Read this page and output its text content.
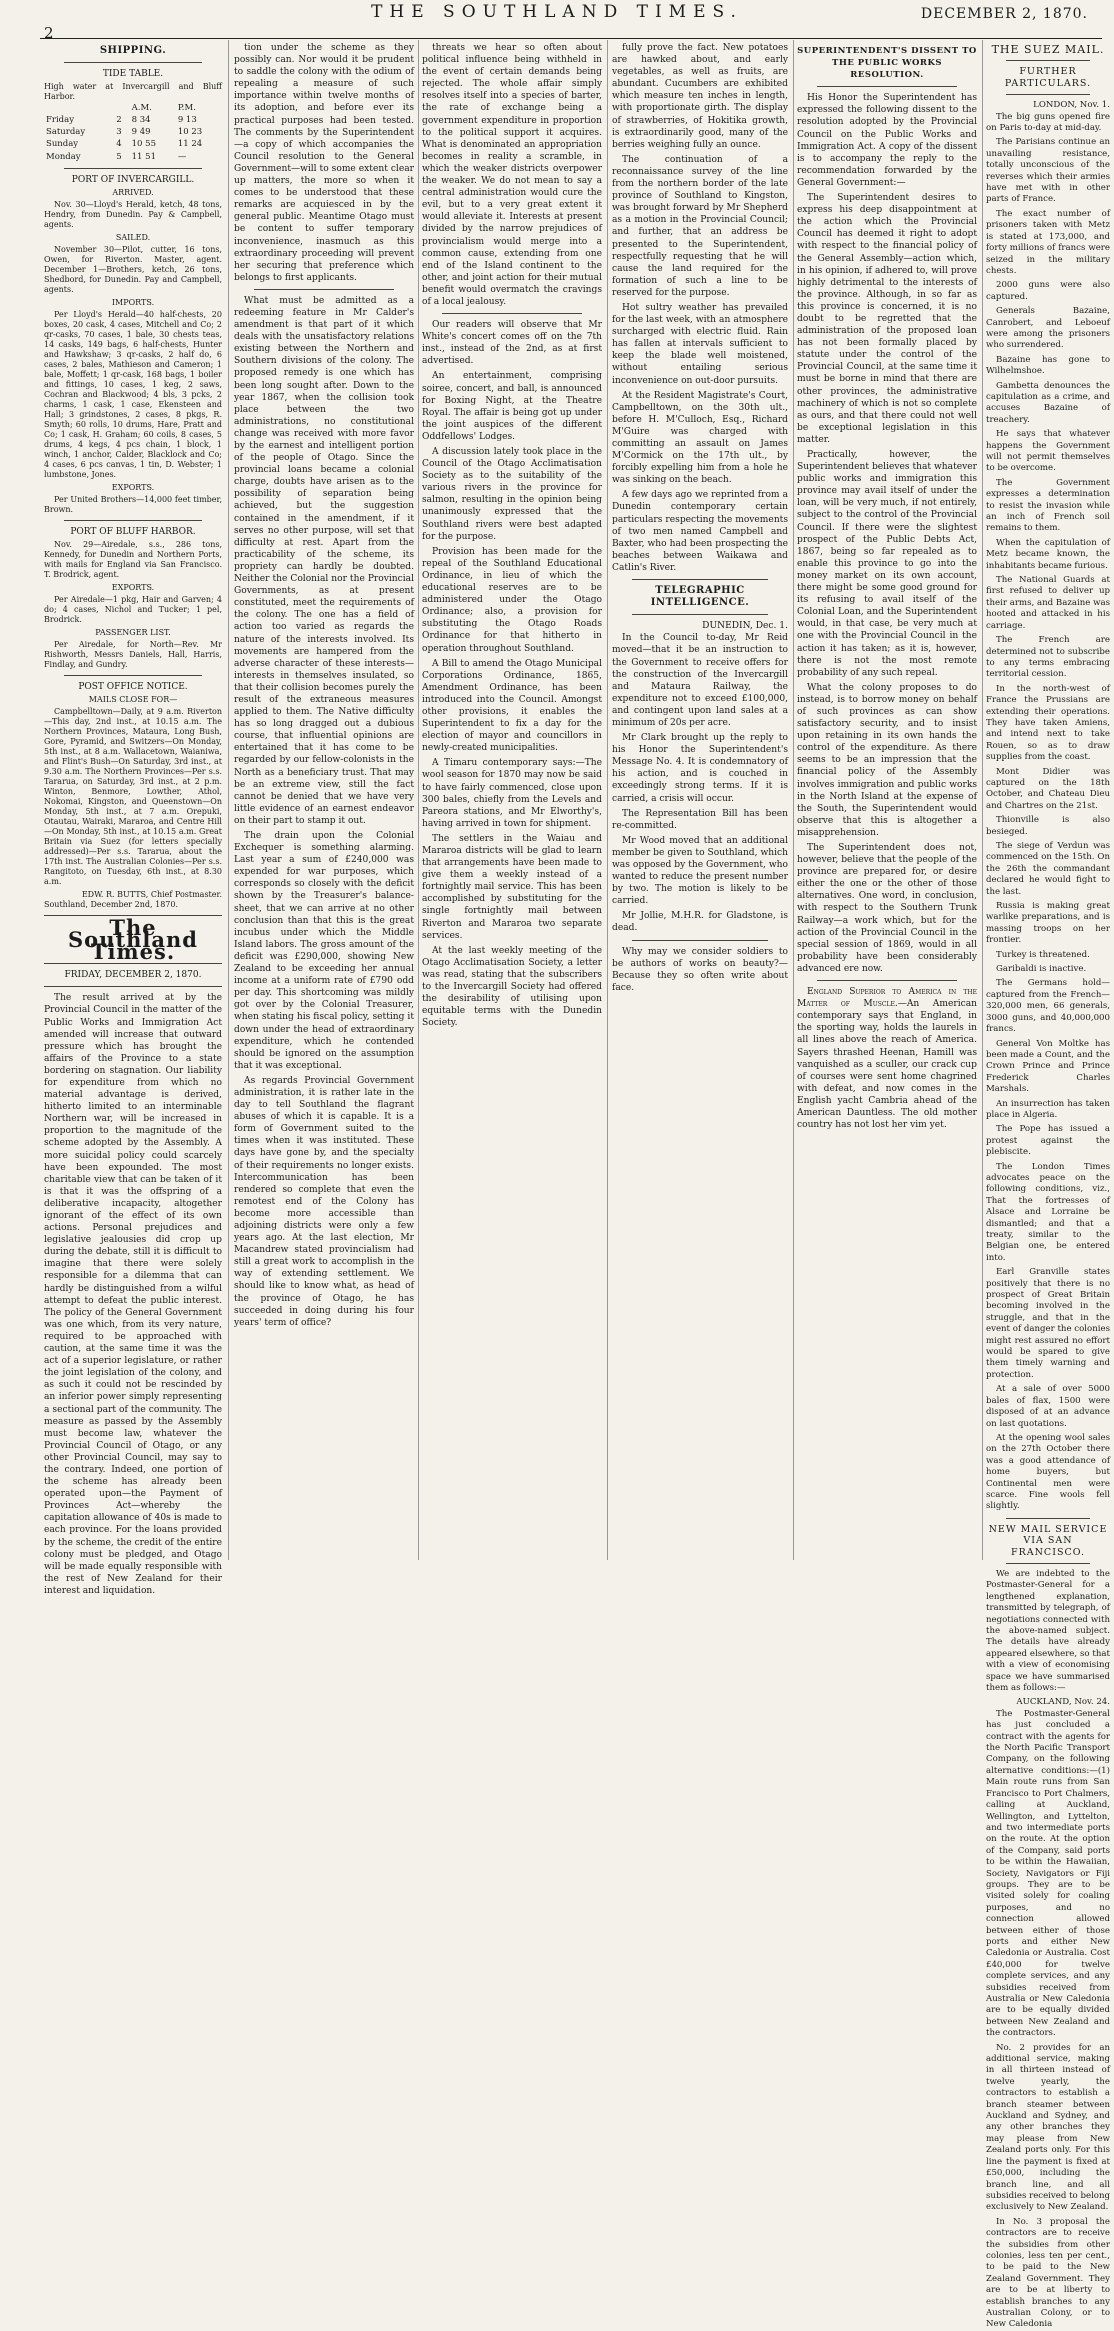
2
THE SOUTHLAND TIMES.	DECEMBER 2, 1870.
SHIPPING.
TIDE TABLE.
High water at Invercargill and Bluff Harbor.
		A.M.	P.M.
Friday	2	8 34	9 13
Saturday	3	9 49	10 23
Sunday	4	10 55	11 24
Monday	5	11 51	—
PORT OF INVERCARGILL.
ARRIVED.

Nov. 30—Lloyd's Herald, ketch, 48 tons, Hendry, from Dunedin. Pay & Campbell, agents.

SAILED.

November 30—Pilot, cutter, 16 tons, Owen, for Riverton. Master, agent. December 1—Brothers, ketch, 26 tons, Shedbord, for Dunedin. Pay and Campbell, agents.

IMPORTS.

Per Lloyd's Herald—40 half-chests, 20 boxes, 20 cask, 4 cases, Mitchell and Co; 2 qr-casks, 70 cases, 1 bale, 30 chests teas, 14 casks, 149 bags, 6 half-chests, Hunter and Hawkshaw; 3 qr-casks, 2 half do, 6 cases, 2 bales, Mathieson and Cameron; 1 bale, Moffett; 1 qr-cask, 168 bags, 1 boiler and fittings, 10 cases, 1 keg, 2 saws, Cochran and Blackwood; 4 bls, 3 pcks, 2 charms, 1 cask, 1 case, Ekensteen and Hall; 3 grindstones, 2 cases, 8 pkgs, R. Smyth; 60 rolls, 10 drums, Hare, Pratt and Co; 1 cask, H. Graham; 60 coils, 8 cases, 5 drums, 4 kegs, 4 pcs chain, 1 block, 1 winch, 1 anchor, Calder, Blacklock and Co; 4 cases, 6 pcs canvas, 1 tin, D. Webster; 1 lumbstone, Jones.

EXPORTS.

Per United Brothers—14,000 feet timber, Brown.

PORT OF BLUFF HARBOR.

Nov. 29—Airedale, s.s., 286 tons, Kennedy, for Dunedin and Northern Ports, with mails for England via San Francisco. T. Brodrick, agent.

EXPORTS.

Per Airedale—1 pkg, Hair and Garven; 4 do; 4 cases, Nichol and Tucker; 1 pel, Brodrick.

PASSENGER LIST.

Per Airedale, for North—Rev. Mr Rishworth, Messrs Daniels, Hall, Harris, Findlay, and Gundry.

POST OFFICE NOTICE.
MAILS CLOSE FOR—

Campbelltown—Daily, at 9 a.m. Riverton—This day, 2nd inst., at 10.15 a.m. The Northern Provinces, Mataura, Long Bush, Gore, Pyramid, and Switzers—On Monday, 5th inst., at 8 a.m. Wallacetown, Waianiwa, and Flint's Bush—On Saturday, 3rd inst., at 9.30 a.m. The Northern Provinces—Per s.s. Tararua, on Saturday, 3rd inst., at 2 p.m. Winton, Benmore, Lowther, Athol, Nokomai, Kingston, and Queenstown—On Monday, 5th inst., at 7 a.m. Orepuki, Otautau, Wairaki, Mararoa, and Centre Hill—On Monday, 5th inst., at 10.15 a.m. Great Britain via Suez (for letters specially addressed)—Per s.s. Tararua, about the 17th inst. The Australian Colonies—Per s.s. Rangitoto, on Tuesday, 6th inst., at 8.30 a.m.

EDW. R. BUTTS, Chief Postmaster.
Southland, December 2nd, 1870.
The Southland Times.
FRIDAY, DECEMBER 2, 1870.

The result arrived at by the Provincial Council in the matter of the Public Works and Immigration Act amended will increase that outward pressure which has brought the affairs of the Province to a state bordering on stagnation. Our liability for expenditure from which no material advantage is derived, hitherto limited to an interminable Northern war, will be increased in proportion to the magnitude of the scheme adopted by the Assembly. A more suicidal policy could scarcely have been expounded. The most charitable view that can be taken of it is that it was the offspring of a deliberative incapacity, altogether ignorant of the effect of its own actions. Personal prejudices and legislative jealousies did crop up during the debate, still it is difficult to imagine that there were solely responsible for a dilemma that can hardly be distinguished from a wilful attempt to defeat the public interest. The policy of the General Government was one which, from its very nature, required to be approached with caution, at the same time it was the act of a superior legislature, or rather the joint legislation of the colony, and as such it could not be rescinded by an inferior power simply representing a sectional part of the community. The measure as passed by the Assembly must become law, whatever the Provincial Council of Otago, or any other Provincial Council, may say to the contrary. Indeed, one portion of the scheme has already been operated upon—the Payment of Provinces Act—whereby the capitation allowance of 40s is made to each province. For the loans provided by the scheme, the credit of the entire colony must be pledged, and Otago will be made equally responsible with the rest of New Zealand for their interest and liquidation.

tion under the scheme as they possibly can. Nor would it be prudent to saddle the colony with the odium of repealing a measure of such importance within twelve months of its adoption, and before ever its practical purposes had been tested. The comments by the Superintendent—a copy of which accompanies the Council resolution to the General Government—will to some extent clear up matters, the more so when it comes to be understood that these remarks are acquiesced in by the general public. Meantime Otago must be content to suffer temporary inconvenience, inasmuch as this extraordinary proceeding will prevent her securing that preference which belongs to first applicants.

What must be admitted as a redeeming feature in Mr Calder's amendment is that part of it which deals with the unsatisfactory relations existing between the Northern and Southern divisions of the colony. The proposed remedy is one which has been long sought after. Down to the year 1867, when the collision took place between the two administrations, no constitutional change was received with more favor by the earnest and intelligent portion of the people of Otago. Since the provincial loans became a colonial charge, doubts have arisen as to the possibility of separation being achieved, but the suggestion contained in the amendment, if it serves no other purpose, will set that difficulty at rest. Apart from the practicability of the scheme, its propriety can hardly be doubted. Neither the Colonial nor the Provincial Governments, as at present constituted, meet the requirements of the colony. The one has a field of action too varied as regards the nature of the interests involved. Its movements are hampered from the adverse character of these interests—interests in themselves insulated, so that their collision becomes purely the result of the extraneous measures applied to them. The Native difficulty has so long dragged out a dubious course, that influential opinions are entertained that it has come to be regarded by our fellow-colonists in the North as a beneficiary trust. That may be an extreme view, still the fact cannot be denied that we have very little evidence of an earnest endeavor on their part to stamp it out.

The drain upon the Colonial Exchequer is something alarming. Last year a sum of £240,000 was expended for war purposes, which corresponds so closely with the deficit shown by the Treasurer's balance-sheet, that we can arrive at no other conclusion than that this is the great incubus under which the Middle Island labors. The gross amount of the deficit was £290,000, showing New Zealand to be exceeding her annual income at a uniform rate of £790 odd per day. This shortcoming was mildly got over by the Colonial Treasurer, when stating his fiscal policy, setting it down under the head of extraordinary expenditure, which he contended should be ignored on the assumption that it was exceptional.

As regards Provincial Government administration, it is rather late in the day to tell Southland the flagrant abuses of which it is capable. It is a form of Government suited to the times when it was instituted. These days have gone by, and the specialty of their requirements no longer exists. Intercommunication has been rendered so complete that even the remotest end of the Colony has become more accessible than adjoining districts were only a few years ago. At the last election, Mr Macandrew stated provincialism had still a great work to accomplish in the way of extending settlement. We should like to know what, as head of the province of Otago, he has succeeded in doing during his four years' term of office?

threats we hear so often about political influence being withheld in the event of certain demands being rejected. The whole affair simply resolves itself into a species of barter, the rate of exchange being a government expenditure in proportion to the political support it acquires. What is denominated an appropriation becomes in reality a scramble, in which the weaker districts overpower the weaker. We do not mean to say a central administration would cure the evil, but to a very great extent it would alleviate it. Interests at present divided by the narrow prejudices of provincialism would merge into a common cause, extending from one end of the Island continent to the other, and joint action for their mutual benefit would overmatch the cravings of a local jealousy.

Our readers will observe that Mr White's concert comes off on the 7th inst., instead of the 2nd, as at first advertised.

An entertainment, comprising soiree, concert, and ball, is announced for Boxing Night, at the Theatre Royal. The affair is being got up under the joint auspices of the different Oddfellows' Lodges.

A discussion lately took place in the Council of the Otago Acclimatisation Society as to the suitability of the various rivers in the province for salmon, resulting in the opinion being unanimously expressed that the Southland rivers were best adapted for the purpose.

Provision has been made for the repeal of the Southland Educational Ordinance, in lieu of which the educational reserves are to be administered under the Otago Ordinance; also, a provision for substituting the Otago Roads Ordinance for that hitherto in operation throughout Southland.

A Bill to amend the Otago Municipal Corporations Ordinance, 1865, Amendment Ordinance, has been introduced into the Council. Amongst other provisions, it enables the Superintendent to fix a day for the election of mayor and councillors in newly-created municipalities.

A Timaru contemporary says:—The wool season for 1870 may now be said to have fairly commenced, close upon 300 bales, chiefly from the Levels and Pareora stations, and Mr Elworthy's, having arrived in town for shipment.

The settlers in the Waiau and Mararoa districts will be glad to learn that arrangements have been made to give them a weekly instead of a fortnightly mail service. This has been accomplished by substituting for the single fortnightly mail between Riverton and Mararoa two separate services.

At the last weekly meeting of the Otago Acclimatisation Society, a letter was read, stating that the subscribers to the Invercargill Society had offered the desirability of utilising upon equitable terms with the Dunedin Society.

fully prove the fact. New potatoes are hawked about, and early vegetables, as well as fruits, are abundant. Cucumbers are exhibited which measure ten inches in length, with proportionate girth. The display of strawberries, of Hokitika growth, is extraordinarily good, many of the berries weighing fully an ounce.

The continuation of a reconnaissance survey of the line from the northern border of the late province of Southland to Kingston, was brought forward by Mr Shepherd as a motion in the Provincial Council; and further, that an address be presented to the Superintendent, respectfully requesting that he will cause the land required for the formation of such a line to be reserved for the purpose.

Hot sultry weather has prevailed for the last week, with an atmosphere surcharged with electric fluid. Rain has fallen at intervals sufficient to keep the blade well moistened, without entailing serious inconvenience on out-door pursuits.

At the Resident Magistrate's Court, Campbelltown, on the 30th ult., before H. M'Culloch, Esq., Richard M'Guire was charged with committing an assault on James M'Cormick on the 17th ult., by forcibly expelling him from a hole he was sinking on the beach.

A few days ago we reprinted from a Dunedin contemporary certain particulars respecting the movements of two men named Campbell and Baxter, who had been prospecting the beaches between Waikawa and Catlin's River.

TELEGRAPHIC INTELLIGENCE.
DUNEDIN, Dec. 1.

In the Council to-day, Mr Reid moved—that it be an instruction to the Government to receive offers for the construction of the Invercargill and Mataura Railway, the expenditure not to exceed £100,000, and contingent upon land sales at a minimum of 20s per acre.

Mr Clark brought up the reply to his Honor the Superintendent's Message No. 4. It is condemnatory of his action, and is couched in exceedingly strong terms. If it is carried, a crisis will occur.

The Representation Bill has been re-committed.

Mr Wood moved that an additional member be given to Southland, which was opposed by the Government, who wanted to reduce the present number by two. The motion is likely to be carried.

Mr Jollie, M.H.R. for Gladstone, is dead.

Why may we consider soldiers to be authors of works on beauty?—Because they so often write about face.

SUPERINTENDENT'S DISSENT TO THE PUBLIC WORKS RESOLUTION.

His Honor the Superintendent has expressed the following dissent to the resolution adopted by the Provincial Council on the Public Works and Immigration Act. A copy of the dissent is to accompany the reply to the recommendation forwarded by the General Government:—

The Superintendent desires to express his deep disappointment at the action which the Provincial Council has deemed it right to adopt with respect to the financial policy of the General Assembly—action which, in his opinion, if adhered to, will prove highly detrimental to the interests of the province. Although, in so far as this province is concerned, it is no doubt to be regretted that the administration of the proposed loan has not been formally placed by statute under the control of the Provincial Council, at the same time it must be borne in mind that there are other provinces, the administrative machinery of which is not so complete as ours, and that there could not well be exceptional legislation in this matter.

Practically, however, the Superintendent believes that whatever public works and immigration this province may avail itself of under the loan, will be very much, if not entirely, subject to the control of the Provincial Council. If there were the slightest prospect of the Public Debts Act, 1867, being so far repealed as to enable this province to go into the money market on its own account, there might be some good ground for its refusing to avail itself of the Colonial Loan, and the Superintendent would, in that case, be very much at one with the Provincial Council in the action it has taken; as it is, however, there is not the most remote probability of any such repeal.

What the colony proposes to do instead, is to borrow money on behalf of such provinces as can show satisfactory security, and to insist upon retaining in its own hands the control of the expenditure. As there seems to be an impression that the financial policy of the Assembly involves immigration and public works in the North Island at the expense of the South, the Superintendent would observe that this is altogether a misapprehension.

The Superintendent does not, however, believe that the people of the province are prepared for, or desire either the one or the other of those alternatives. One word, in conclusion, with respect to the Southern Trunk Railway—a work which, but for the action of the Provincial Council in the special session of 1869, would in all probability have been considerably advanced ere now.

England Superior to America in the Matter of Muscle.—An American contemporary says that England, in the sporting way, holds the laurels in all lines above the reach of America. Sayers thrashed Heenan, Hamill was vanquished as a sculler, our crack cup of courses were sent home chagrined with defeat, and now comes in the English yacht Cambria ahead of the American Dauntless. The old mother country has not lost her vim yet.

THE SUEZ MAIL.
FURTHER PARTICULARS.
LONDON, Nov. 1.

The big guns opened fire on Paris to-day at mid-day.

The Parisians continue an unavailing resistance, totally unconscious of the reverses which their armies have met with in other parts of France.

The exact number of prisoners taken with Metz is stated at 173,000, and forty millions of francs were seized in the military chests.

2000 guns were also captured.

Generals Bazaine, Canrobert, and Leboeuf were among the prisoners who surrendered.

Bazaine has gone to Wilhelmshoe.

Gambetta denounces the capitulation as a crime, and accuses Bazaine of treachery.

He says that whatever happens the Government will not permit themselves to be overcome.

The Government expresses a determination to resist the invasion while an inch of French soil remains to them.

When the capitulation of Metz became known, the inhabitants became furious.

The National Guards at first refused to deliver up their arms, and Bazaine was hooted and attacked in his carriage.

The French are determined not to subscribe to any terms embracing territorial cession.

In the north-west of France the Prussians are extending their operations. They have taken Amiens, and intend next to take Rouen, so as to draw supplies from the coast.

Mont Didier was captured on the 18th October, and Chateau Dieu and Chartres on the 21st.

Thionville is also besieged.

The siege of Verdun was commenced on the 15th. On the 26th the commandant declared he would fight to the last.

Russia is making great warlike preparations, and is massing troops on her frontier.

Turkey is threatened.

Garibaldi is inactive.

The Germans hold—captured from the French—320,000 men, 66 generals, 3000 guns, and 40,000,000 francs.

General Von Moltke has been made a Count, and the Crown Prince and Prince Frederick Charles Marshals.

An insurrection has taken place in Algeria.

The Pope has issued a protest against the plebiscite.

The London Times advocates peace on the following conditions, viz., That the fortresses of Alsace and Lorraine be dismantled; and that a treaty, similar to the Belgian one, be entered into.

Earl Granville states positively that there is no prospect of Great Britain becoming involved in the struggle, and that in the event of danger the colonies might rest assured no effort would be spared to give them timely warning and protection.

At a sale of over 5000 bales of flax, 1500 were disposed of at an advance on last quotations.

At the opening wool sales on the 27th October there was a good attendance of home buyers, but Continental men were scarce. Fine wools fell slightly.

NEW MAIL SERVICE VIA SAN FRANCISCO.

We are indebted to the Postmaster-General for a lengthened explanation, transmitted by telegraph, of negotiations connected with the above-named subject. The details have already appeared elsewhere, so that with a view of economising space we have summarised them as follows:—

AUCKLAND, Nov. 24.

The Postmaster-General has just concluded a contract with the agents for the North Pacific Transport Company, on the following alternative conditions:—(1) Main route runs from San Francisco to Port Chalmers, calling at Auckland, Wellington, and Lyttelton, and two intermediate ports on the route. At the option of the Company, said ports to be within the Hawaiian, Society, Navigators or Fiji groups. They are to be visited solely for coaling purposes, and no connection allowed between either of those ports and either New Caledonia or Australia. Cost £40,000 for twelve complete services, and any subsidies received from Australia or New Caledonia are to be equally divided between New Zealand and the contractors.

No. 2 provides for an additional service, making in all thirteen instead of twelve yearly, the contractors to establish a branch steamer between Auckland and Sydney, and any other branches they may please from New Zealand ports only. For this line the payment is fixed at £50,000, including the branch line, and all subsidies received to belong exclusively to New Zealand.

In No. 3 proposal the contractors are to receive the subsidies from other colonies, less ten per cent., to be paid to the New Zealand Government. They are to be at liberty to establish branches to any Australian Colony, or to New Caledonia
